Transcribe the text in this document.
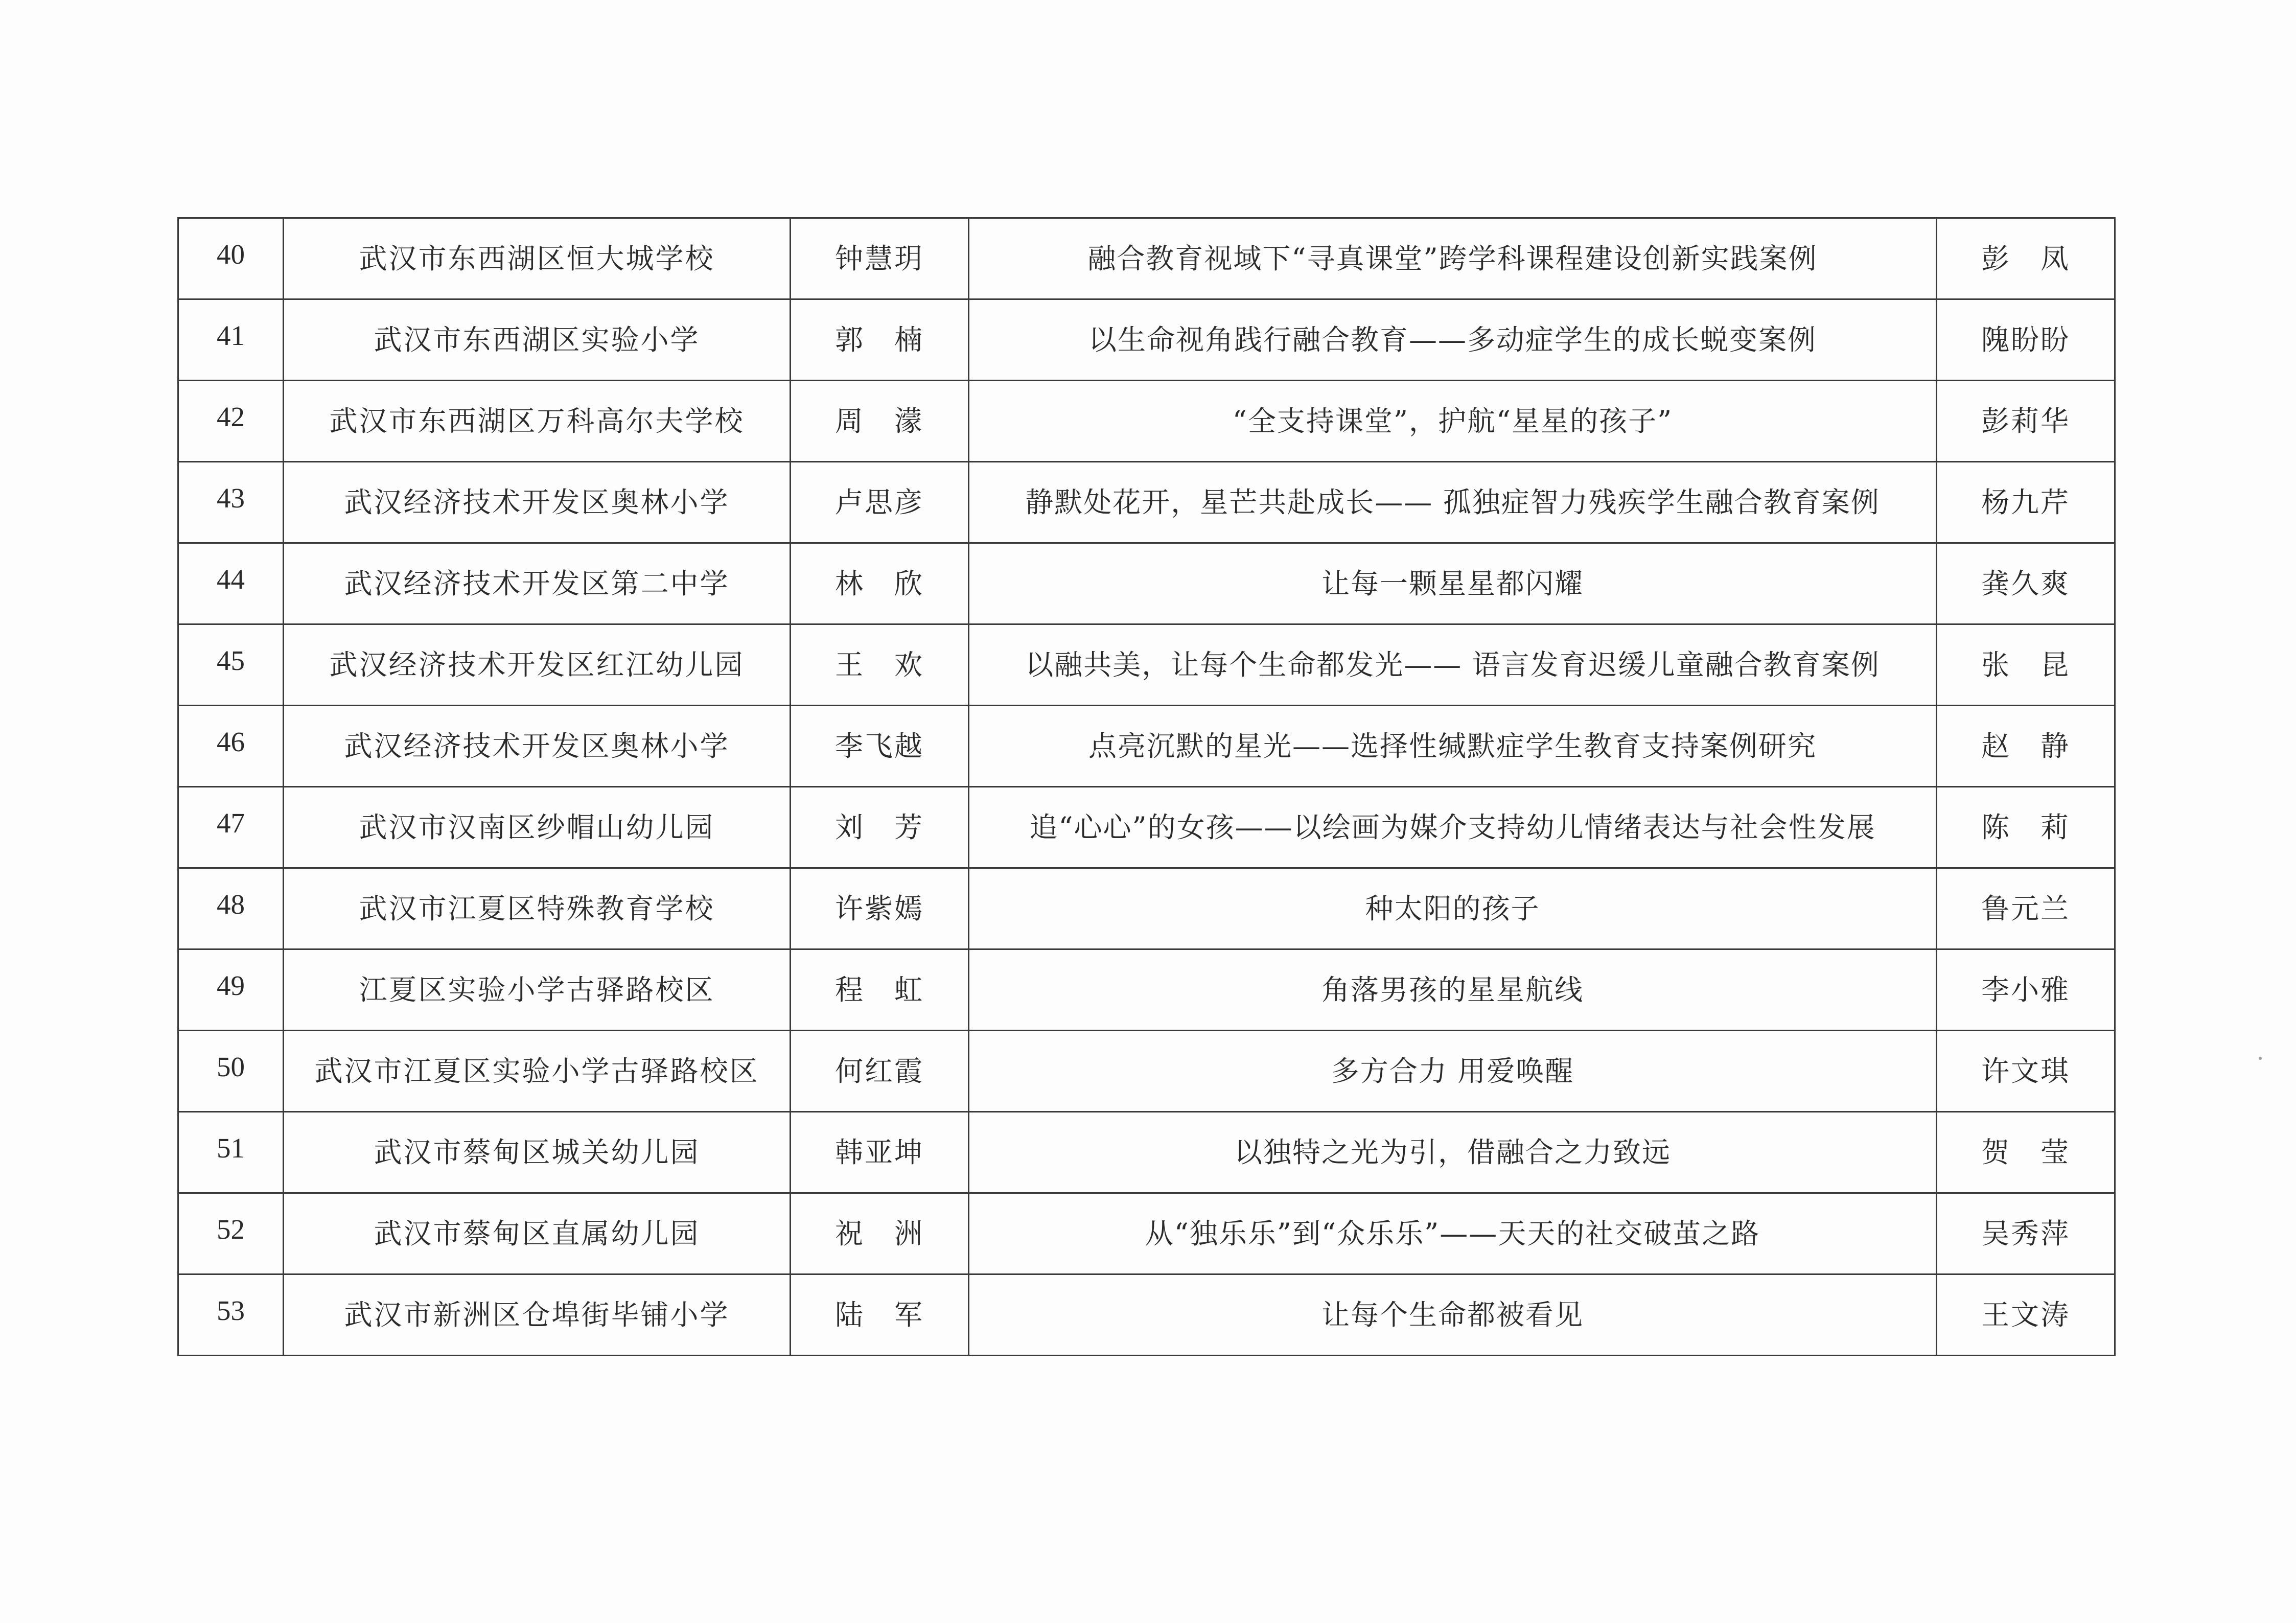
40	武汉市东西湖区恒大城学校	钟慧玥	融合教育视域下“寻真课堂”跨学科课程建设创新实践案例	彭　凤

41	武汉市东西湖区实验小学	郭　楠	以生命视角践行融合教育——多动症学生的成长蜕变案例	隗盼盼

42	武汉市东西湖区万科高尔夫学校	周　濛	“全支持课堂”，护航“星星的孩子”	彭莉华

43	武汉经济技术开发区奥林小学	卢思彦	静默处花开，星芒共赴成长—— 孤独症智力残疾学生融合教育案例	杨九芹

44	武汉经济技术开发区第二中学	林　欣	让每一颗星星都闪耀	龚久爽

45	武汉经济技术开发区红江幼儿园	王　欢	以融共美，让每个生命都发光—— 语言发育迟缓儿童融合教育案例	张　昆

46	武汉经济技术开发区奥林小学	李飞越	点亮沉默的星光——选择性缄默症学生教育支持案例研究	赵　静

47	武汉市汉南区纱帽山幼儿园	刘　芳	追“心心”的女孩——以绘画为媒介支持幼儿情绪表达与社会性发展	陈　莉

48	武汉市江夏区特殊教育学校	许紫嫣	种太阳的孩子	鲁元兰

49	江夏区实验小学古驿路校区	程　虹	角落男孩的星星航线	李小雅

50	武汉市江夏区实验小学古驿路校区	何红霞	多方合力 用爱唤醒	许文琪

51	武汉市蔡甸区城关幼儿园	韩亚坤	以独特之光为引，借融合之力致远	贺　莹

52	武汉市蔡甸区直属幼儿园	祝　洲	从“独乐乐”到“众乐乐”——天天的社交破茧之路	吴秀萍

53	武汉市新洲区仓埠街毕铺小学	陆　军	让每个生命都被看见	王文涛
